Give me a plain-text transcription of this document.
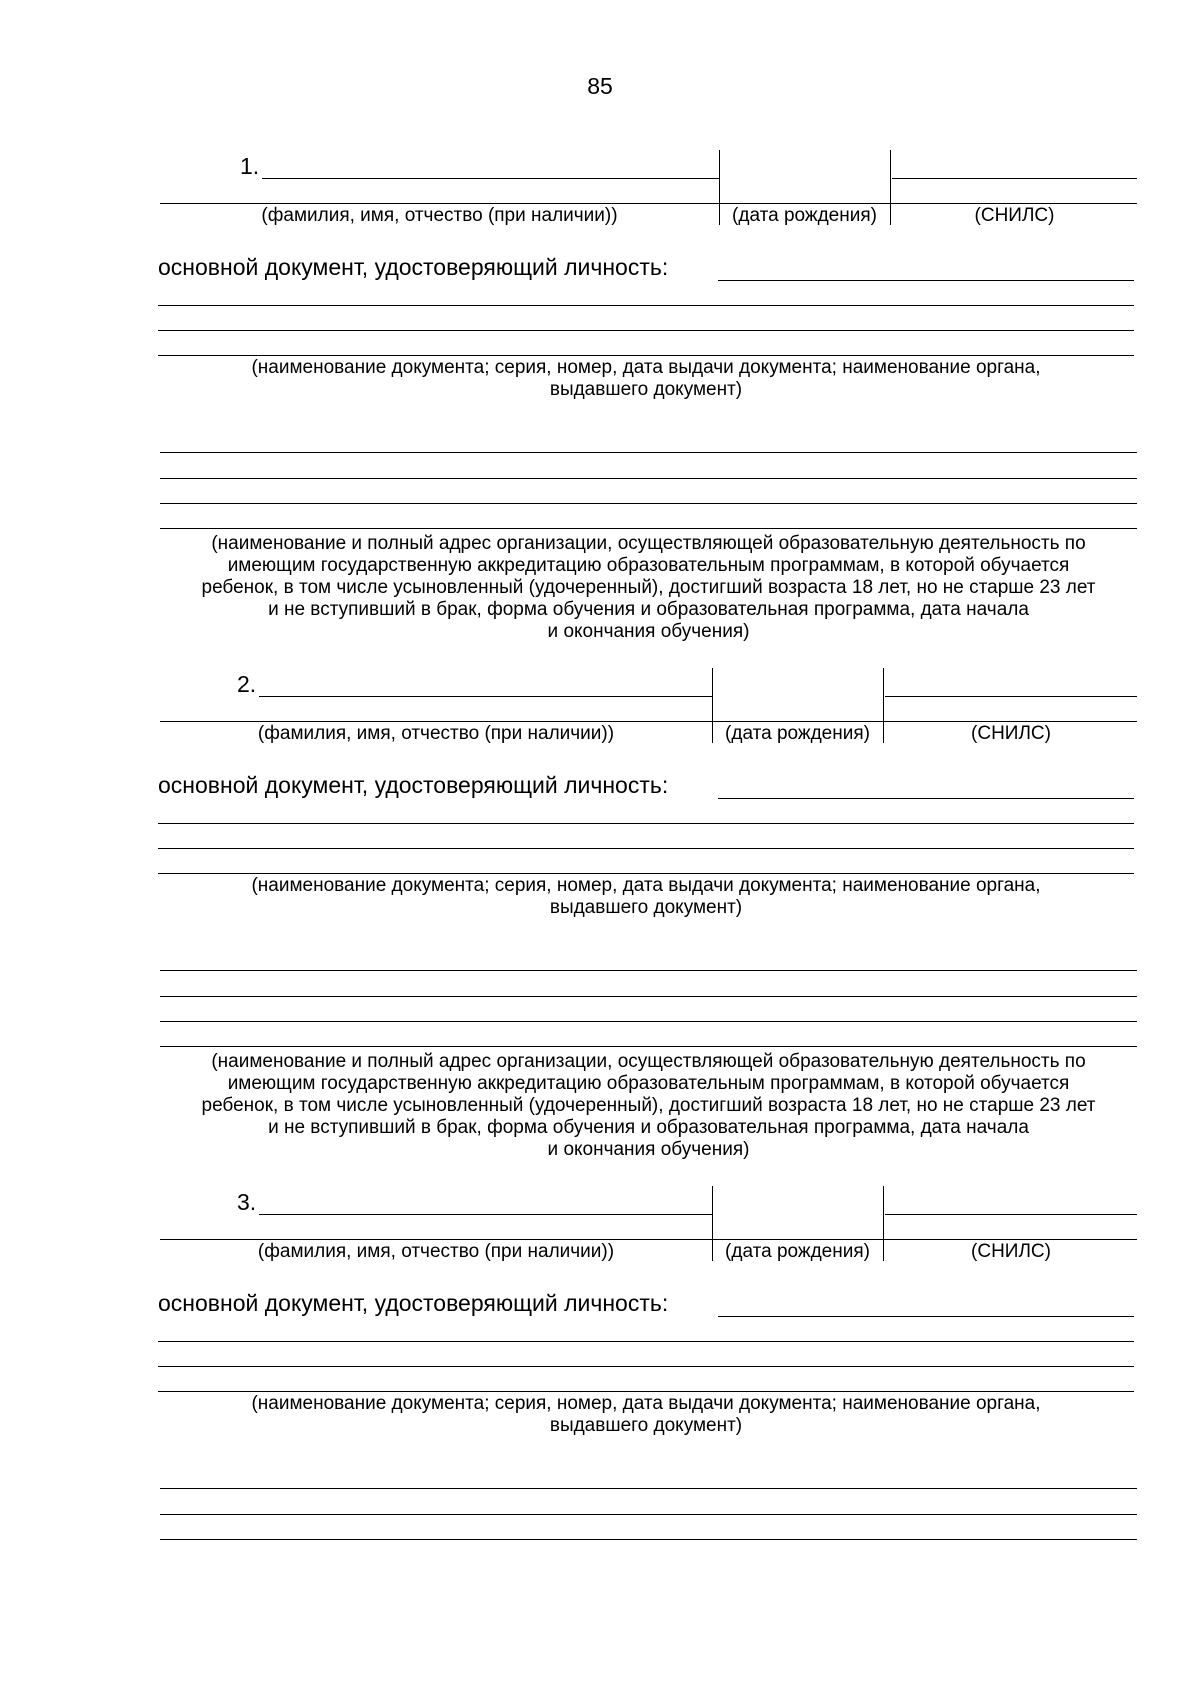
85
1.
(фамилия, имя, отчество (при наличии))	(дата рождения)	(СНИЛС)
основной документ, удостоверяющий личность:
(наименование документа; серия, номер, дата выдачи документа; наименование органа,
выдавшего документ)
(наименование и полный адрес организации, осуществляющей образовательную деятельность по
имеющим государственную аккредитацию образовательным программам, в которой обучается
ребенок, в том числе усыновленный (удочеренный), достигший возраста 18 лет, но не старше 23 лет
и не вступивший в брак, форма обучения и образовательная программа, дата начала
и окончания обучения)
2.
(фамилия, имя, отчество (при наличии))	(дата рождения)	(СНИЛС)
основной документ, удостоверяющий личность:
(наименование документа; серия, номер, дата выдачи документа; наименование органа,
выдавшего документ)
(наименование и полный адрес организации, осуществляющей образовательную деятельность по
имеющим государственную аккредитацию образовательным программам, в которой обучается
ребенок, в том числе усыновленный (удочеренный), достигший возраста 18 лет, но не старше 23 лет
и не вступивший в брак, форма обучения и образовательная программа, дата начала
и окончания обучения)
3.
(фамилия, имя, отчество (при наличии))	(дата рождения)	(СНИЛС)
основной документ, удостоверяющий личность:
(наименование документа; серия, номер, дата выдачи документа; наименование органа,
выдавшего документ)
